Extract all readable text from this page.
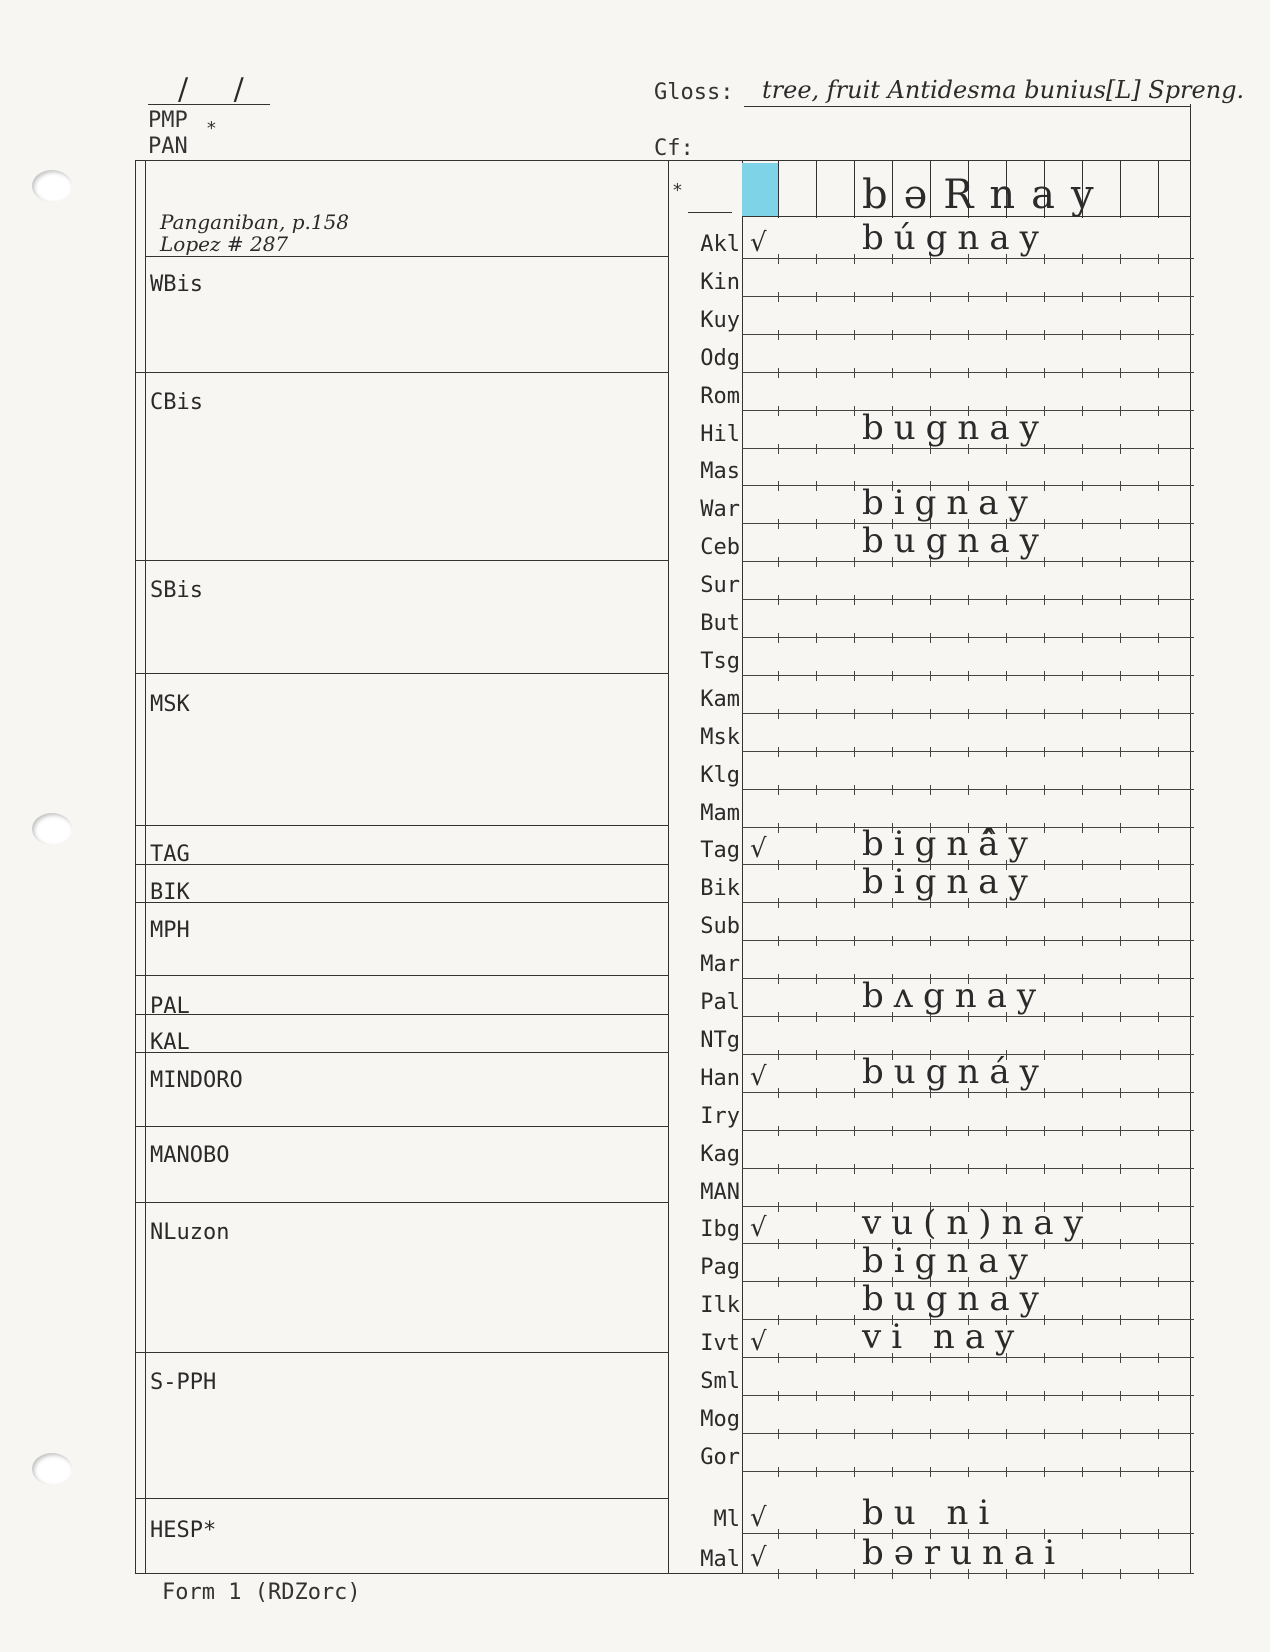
/ /
PMP
PAN
*
Gloss: tree, fruit Antidesma bunius[L] Spreng.
Cf:
Panganiban, p.158
Lopez # 287
*	bəRnay
WBis
CBis
SBis
MSK
TAG
BIK
MPH
PAL
KAL
MINDORO
MANOBO
NLuzon
S-PPH
HESP*
Akl √	búgnay
Kin
Kuy
Odg
Rom
Hil	bugnay
Mas
War	bignay
Ceb	bugnay
Sur
But
Tsg
Kam
Msk
Klg
Mam
Tag √	bignâ̂y
Bik	bignay
Sub
Mar
Pal	bʌgnay
NTg
Han √	bugnáy
Iry
Kag
MAN
Ibg √	vu(n)nay
Pag	bignay
Ilk	bugnay
Ivt √	vi nay
Sml
Mog
Gor
Ml √	bu ni
Mal √	bərunai
Form 1 (RDZorc)
